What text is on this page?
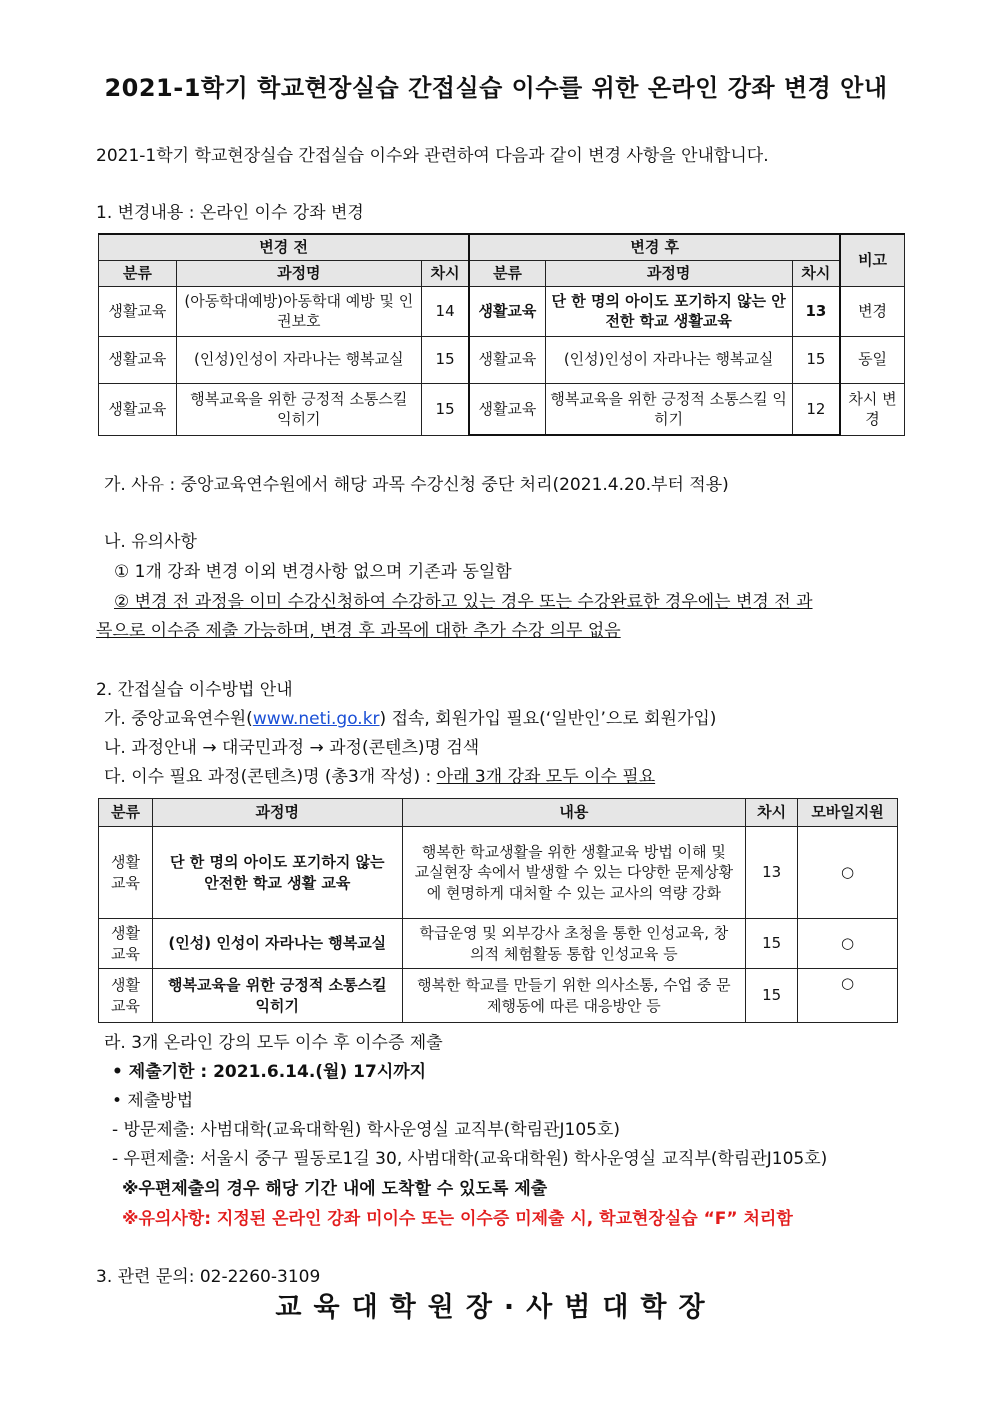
2021-1학기 학교현장실습 간접실습 이수를 위한 온라인 강좌 변경 안내
2021-1학기 학교현장실습 간접실습 이수와 관련하여 다음과 같이 변경 사항을 안내합니다.
1. 변경내용 : 온라인 이수 강좌 변경
변경 전			변경 후			비고
분류	과정명	차시	분류	과정명	차시	
생활교육	(아동학대예방)아동학대 예방 및 인권보호	14	생활교육	단 한 명의 아이도 포기하지 않는 안전한 학교 생활교육	13	변경
생활교육	(인성)인성이 자라나는 행복교실	15	생활교육	(인성)인성이 자라나는 행복교실	15	동일
생활교육	행복교육을 위한 긍정적 소통스킬 익히기	15	생활교육	행복교육을 위한 긍정적 소통스킬 익히기	12	차시 변경
가. 사유 : 중앙교육연수원에서 해당 과목 수강신청 중단 처리(2021.4.20.부터 적용)
나. 유의사항
① 1개 강좌 변경 이외 변경사항 없으며 기존과 동일함
② 변경 전 과정을 이미 수강신청하여 수강하고 있는 경우 또는 수강완료한 경우에는 변경 전 과
목으로 이수증 제출 가능하며, 변경 후 과목에 대한 추가 수강 의무 없음
2. 간접실습 이수방법 안내
가. 중앙교육연수원(www.neti.go.kr) 접속, 회원가입 필요(‘일반인’으로 회원가입)
나. 과정안내 → 대국민과정 → 과정(콘텐츠)명 검색
다. 이수 필요 과정(콘텐츠)명 (총3개 작성) : 아래 3개 강좌 모두 이수 필요
분류	과정명	내용	차시	모바일지원
생활 교육	단 한 명의 아이도 포기하지 않는 안전한 학교 생활 교육	행복한 학교생활을 위한 생활교육 방법 이해 및 교실현장 속에서 발생할 수 있는 다양한 문제상황에 현명하게 대처할 수 있는 교사의 역량 강화	13	○
생활 교육	(인성) 인성이 자라나는 행복교실	학급운영 및 외부강사 초청을 통한 인성교육, 창의적 체험활동 통합 인성교육 등	15	○
생활 교육	행복교육을 위한 긍정적 소통스킬 익히기	행복한 학교를 만들기 위한 의사소통, 수업 중 문제행동에 따른 대응방안 등	15	○
라. 3개 온라인 강의 모두 이수 후 이수증 제출
• 제출기한 : 2021.6.14.(월) 17시까지
• 제출방법
- 방문제출: 사범대학(교육대학원) 학사운영실 교직부(학림관J105호)
- 우편제출: 서울시 중구 필동로1길 30, 사범대학(교육대학원) 학사운영실 교직부(학림관J105호)
※우편제출의 경우 해당 기간 내에 도착할 수 있도록 제출
※유의사항: 지정된 온라인 강좌 미이수 또는 이수증 미제출 시, 학교현장실습 “F” 처리함
3. 관련 문의: 02-2260-3109
교육대학원장·사범대학장
